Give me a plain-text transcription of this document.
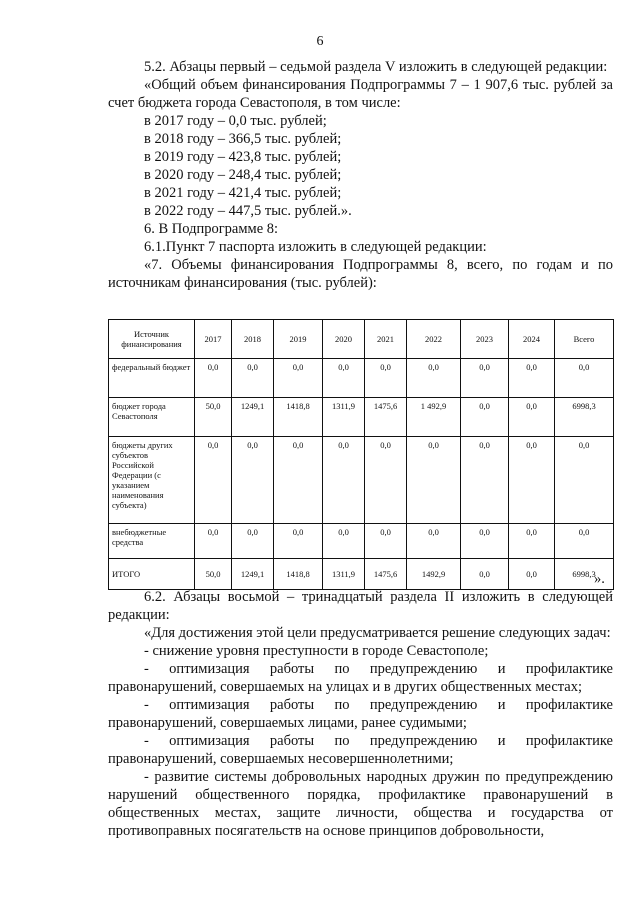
6

5.2. Абзацы первый – седьмой раздела V изложить в следующей редакции:

«Общий объем финансирования Подпрограммы 7 – 1 907,6 тыс. рублей за счет бюджета города Севастополя, в том числе:

в 2017 году – 0,0 тыс. рублей;

в 2018 году – 366,5 тыс. рублей;

в 2019 году – 423,8 тыс. рублей;

в 2020 году – 248,4 тыс. рублей;

в 2021 году – 421,4 тыс. рублей;

в 2022 году – 447,5 тыс. рублей.».

6. В Подпрограмме 8:

6.1.Пункт 7 паспорта изложить в следующей редакции:

«7. Объемы финансирования Подпрограммы 8, всего, по годам и по источникам финансирования (тыс. рублей):

Источник финансирования	2017	2018	2019	2020	2021	2022	2023	2024	Всего
федеральный бюджет	0,0	0,0	0,0	0,0	0,0	0,0	0,0	0,0	0,0
бюджет города Севастополя	50,0	1249,1	1418,8	1311,9	1475,6	1 492,9	0,0	0,0	6998,3
бюджеты других субъектов Российской Федерации (с указанием наименования субъекта)	0,0	0,0	0,0	0,0	0,0	0,0	0,0	0,0	0,0
внебюджетные средства	0,0	0,0	0,0	0,0	0,0	0,0	0,0	0,0	0,0
ИТОГО	50,0	1249,1	1418,8	1311,9	1475,6	1492,9	0,0	0,0	6998,3
».

6.2. Абзацы восьмой – тринадцатый раздела II изложить в следующей редакции:

«Для достижения этой цели предусматривается решение следующих задач:

- снижение уровня преступности в городе Севастополе;

- оптимизация работы по предупреждению и профилактике правонарушений, совершаемых на улицах и в других общественных местах;

- оптимизация работы по предупреждению и профилактике правонарушений, совершаемых лицами, ранее судимыми;

- оптимизация работы по предупреждению и профилактике правонарушений, совершаемых несовершеннолетними;

- развитие системы добровольных народных дружин по предупреждению нарушений общественного порядка, профилактике правонарушений в общественных местах, защите личности, общества и государства от противоправных посягательств на основе принципов добровольности,
